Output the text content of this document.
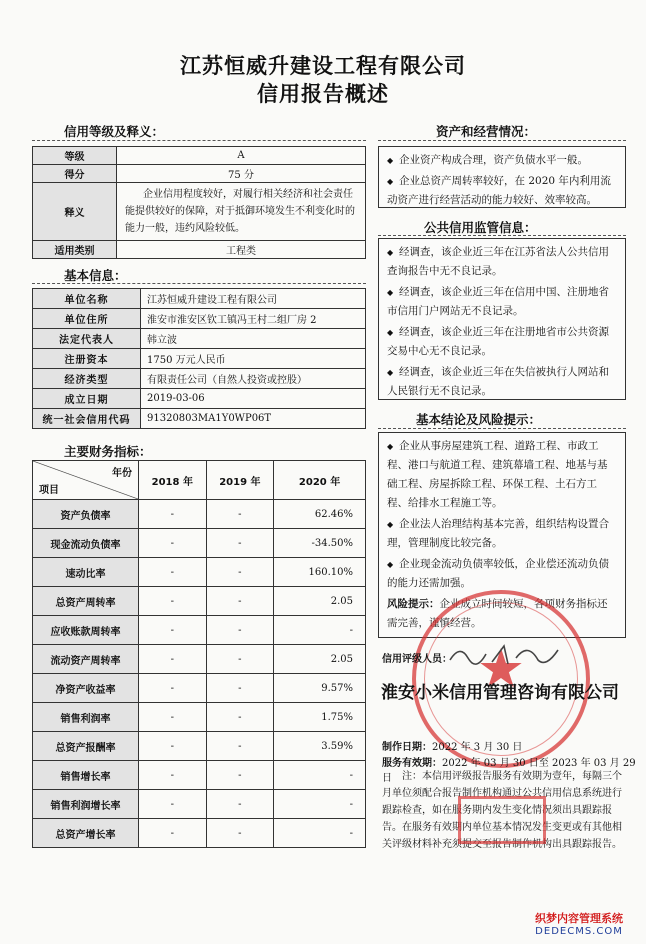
江苏恒威升建设工程有限公司
信用报告概述
信用等级及释义：
等级	A
得分	75 分
释义	企业信用程度较好，对履行相关经济和社会责任能提供较好的保障，对于抵御环境发生不利变化时的能力一般，违约风险较低。
适用类别	工程类
基本信息：
单位名称	江苏恒威升建设工程有限公司
单位住所	淮安市淮安区钦工镇冯王村二组厂房 2
法定代表人	韩立波
注册资本	1750 万元人民币
经济类型	有限责任公司（自然人投资或控股）
成立日期	2019-03-06
统一社会信用代码	91320803MA1Y0WP06T
主要财务指标：
年份
项目	2018 年	2019 年	2020 年
资产负债率	-	-	62.46%
现金流动负债率	-	-	-34.50%
速动比率	-	-	160.10%
总资产周转率	-	-	2.05
应收账款周转率	-	-	-
流动资产周转率	-	-	2.05
净资产收益率	-	-	9.57%
销售利润率	-	-	1.75%
总资产报酬率	-	-	3.59%
销售增长率	-	-	-
销售利润增长率	-	-	-
总资产增长率	-	-	-
资产和经营情况：
◆ 企业资产构成合理，资产负债水平一般。
◆ 企业总资产周转率较好，在 2020 年内利用流动资产进行经营活动的能力较好、效率较高。
公共信用监管信息：
◆ 经调查，该企业近三年在江苏省法人公共信用查询报告中无不良记录。
◆ 经调查，该企业近三年在信用中国、注册地省市信用门户网站无不良记录。
◆ 经调查，该企业近三年在注册地省市公共资源交易中心无不良记录。
◆ 经调查，该企业近三年在失信被执行人网站和人民银行无不良记录。
基本结论及风险提示：
◆ 企业从事房屋建筑工程、道路工程、市政工程、港口与航道工程、建筑幕墙工程、地基与基础工程、房屋拆除工程、环保工程、土石方工程、给排水工程施工等。
◆ 企业法人治理结构基本完善，组织结构设置合理，管理制度比较完备。
◆ 企业现金流动负债率较低，企业偿还流动负债的能力还需加强。
风险提示：企业成立时间较短，各项财务指标还需完善，谨慎经营。
★
信用评级人员：
淮安小米信用管理咨询有限公司
制作日期：2022 年 3 月 30 日
服务有效期：2022 年 03 月 30 日至 2023 年 03 月 29 日	注：本信用评级报告服务有效期为壹年，每隔三个月单位须配合报告制作机构通过公共信用信息系统进行跟踪检查，如在服务期内发生变化情况须出具跟踪报告。在服务有效期内单位基本情况发生变更或有其他相关评级材料补充须提交至报告制作机构出具跟踪报告。
织梦内容管理系统
DEDECMS.COM
